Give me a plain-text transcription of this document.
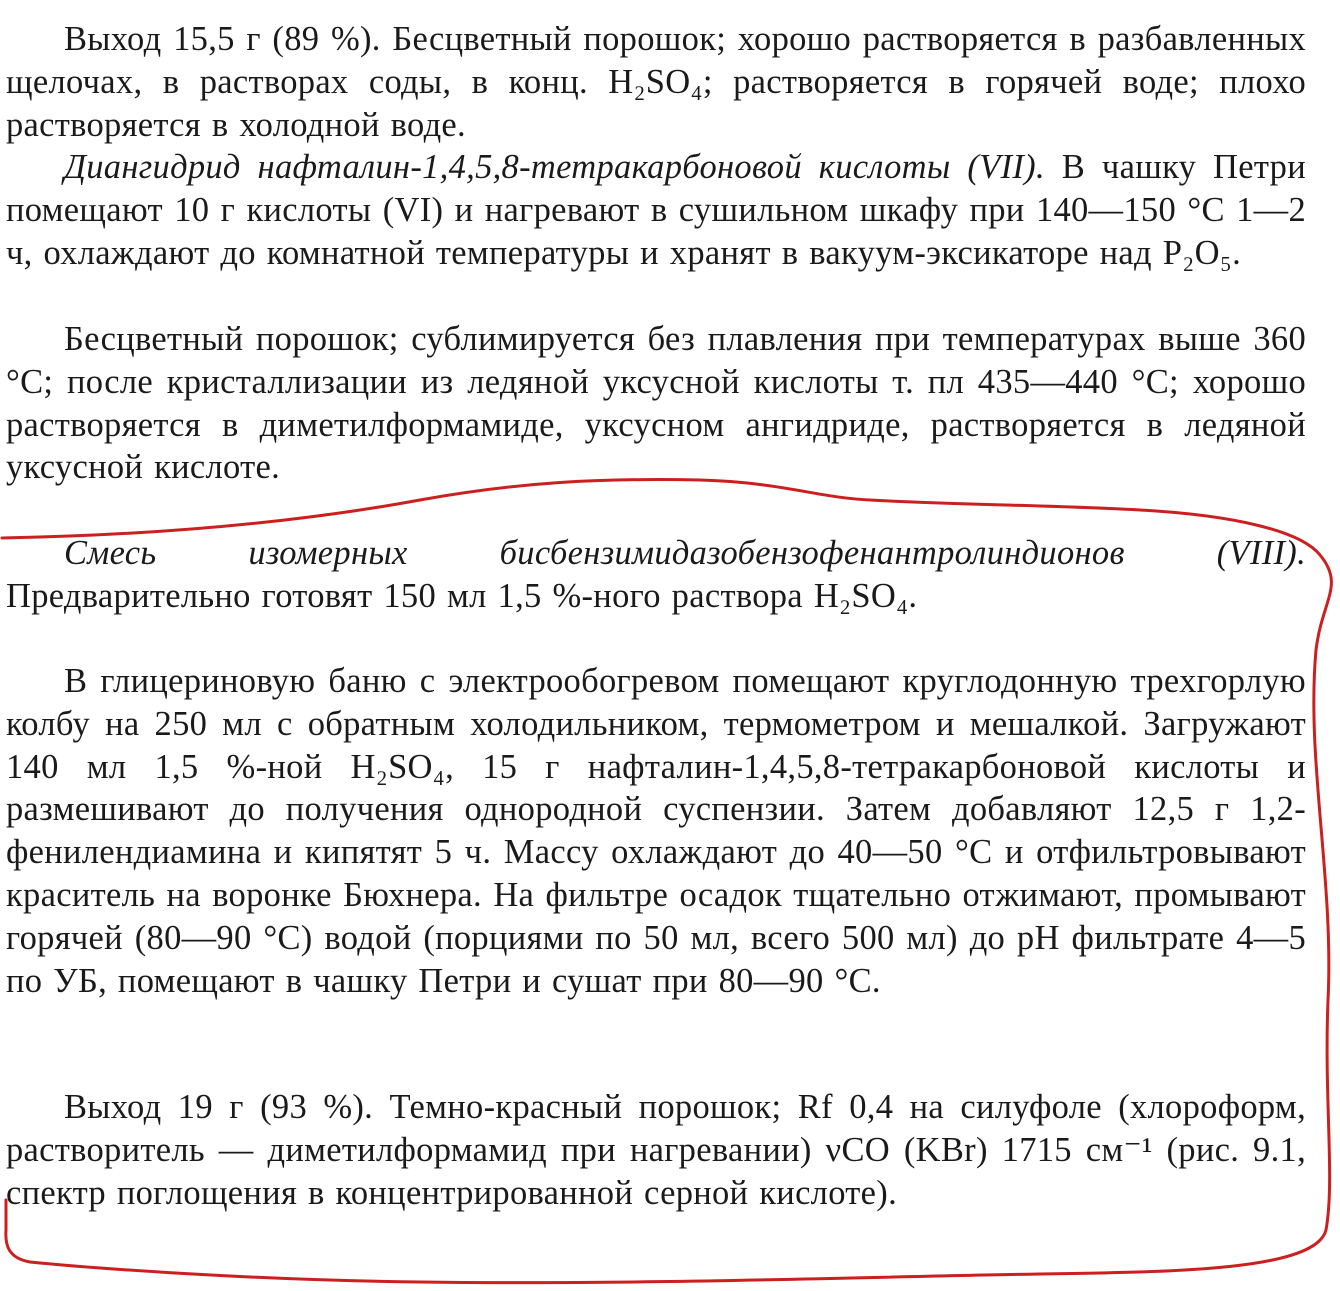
Выход 15,5 г (89 %). Бесцветный порошок; хорошо растворяется в разбавленных щелочах, в растворах соды, в конц. H₂SO₄; растворяется в горячей воде; плохо растворяется в холодной воде.

Диангидрид нафталин-1,4,5,8-тетракарбоновой кислоты (VII). В чашку Петри помещают 10 г кислоты (VI) и нагревают в сушильном шкафу при 140—150 °C 1—2 ч, охлаждают до комнатной температуры и хранят в вакуум-эксикаторе над P₂O₅.

Бесцветный порошок; сублимируется без плавления при температурах выше 360 °C; после кристаллизации из ледяной уксусной кислоты т. пл 435—440 °C; хорошо растворяется в диметилформамиде, уксусном ангидриде, растворяется в ледяной уксусной кислоте.

Смесь изомерных бисбензимидазобензофенантролиндионов (VIII). Предварительно готовят 150 мл 1,5 %-ного раствора H₂SO₄.

В глицериновую баню с электрообогревом помещают круглодонную трехгорлую колбу на 250 мл с обратным холодильником, термометром и мешалкой. Загружают 140 мл 1,5 %-ной H₂SO₄, 15 г нафталин-1,4,5,8-тетракарбоновой кислоты и размешивают до получения однородной суспензии. Затем добавляют 12,5 г 1,2-фенилендиамина и кипятят 5 ч. Массу охлаждают до 40—50 °C и отфильтровывают краситель на воронке Бюхнера. На фильтре осадок тщательно отжимают, промывают горячей (80—90 °C) водой (порциями по 50 мл, всего 500 мл) до pH фильтрате 4—5 по УБ, помещают в чашку Петри и сушат при 80—90 °C.

Выход 19 г (93 %). Темно-красный порошок; Rf 0,4 на силуфоле (хлороформ, растворитель — диметилформамид при нагревании) νCO (KBr) 1715 см⁻¹ (рис. 9.1, спектр поглощения в концентрированной серной кислоте).
